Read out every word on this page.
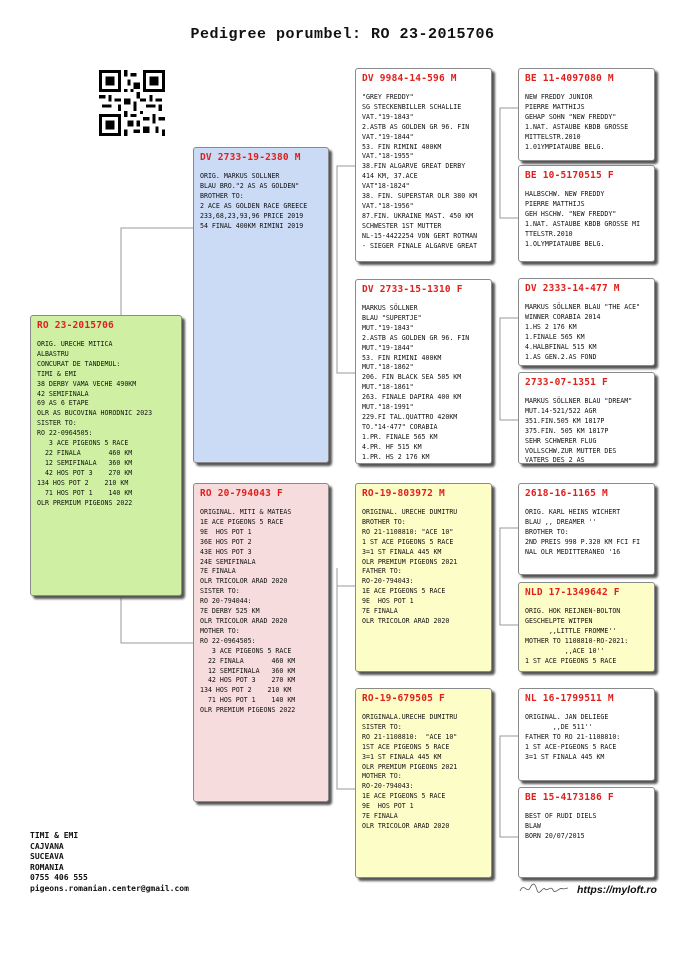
Pedigree porumbel: RO 23-2015706
RO 23-2015706
ORIG. URECHE MITICA
ALBASTRU
CONCURAT DE TANDEMUL:
TIMI & EMI
38 DERBY VAMA VECHE 490KM
42 SEMIFINALA
69 AS 6 ETAPE
OLR AS BUCOVINA HORODNIC 2023
SISTER TO:
RO 22-0964505:
3 ACE PIGEONS 5 RACE
22 FINALA       460 KM
12 SEMIFINALA   360 KM
42 HOS POT 3    270 KM
134 HOS POT 2    210 KM
71 HOS POT 1    140 KM
OLR PREMIUM PIGEONS 2022
DV 2733-19-2380 M
ORIG. MARKUS SOLLNER
BLAU BRO."2 AS AS GOLDEN"
BROTHER TO:
2 ACE AS GOLDEN RACE GREECE
233,68,23,93,96 PRICE 2019
54 FINAL 400KM RIMINI 2019
RO 20-794043 F
ORIGINAL. MITI & MATEAS
1E ACE PIGEONS 5 RACE
9E  HOS POT 1
36E HOS POT 2
43E HOS POT 3
24E SEMIFINALA
7E FINALA
OLR TRICOLOR ARAD 2020
SISTER TO:
RO 20-794044:
7E DERBY 525 KM
OLR TRICOLOR ARAD 2020
MOTHER TO:
RO 22-0964505:
3 ACE PIGEONS 5 RACE
22 FINALA       460 KM
12 SEMIFINALA   360 KM
42 HOS POT 3    270 KM
134 HOS POT 2    210 KM
71 HOS POT 1    140 KM
OLR PREMIUM PIGEONS 2022
DV 9984-14-596 M
"GREY FREDDY"
SG STECKENBILLER SCHALLIE
VAT."19-1843"
2.ASTB AS GOLDEN GR 96. FIN
VAT."19-1844"
53. FIN RIMINI 400KM
VAT."18-1955"
38.FIN ALGARVE GREAT DERBY
414 KM, 37.ACE
VAT"18-1824"
38. FIN. SUPERSTAR OLR 380 KM
VAT."18-1956"
87.FIN. UKRAINE MAST. 450 KM
SCHWESTER 1ST MUTTER
NL-15-4422254 VON GERT ROTMAN
- SIEGER FINALE ALGARVE GREAT
DV 2733-15-1310 F
MARKUS SÖLLNER
BLAU "SUPERTJE"
MUT."19-1843"
2.ASTB AS GOLDEN GR 96. FIN
MUT."19-1844"
53. FIN RIMINI 400KM
MUT."18-1862"
206. FIN BLACK SEA 505 KM
MUT."18-1861"
263. FINALE DAPIRA 400 KM
MUT."18-1991"
229.FI TAL.QUATTRO 420KM
TO."14-477" CORABIA
1.PR. FINALE 565 KM
4.PR. HF 515 KM
1.PR. HS 2 176 KM
RO-19-803972 M
ORIGINAL. URECHE DUMITRU
BROTHER TO:
RO 21-1108810: "ACE 10"
1 ST ACE PIGEONS 5 RACE
3=1 ST FINALA 445 KM
OLR PREMIUM PIGEONS 2021
FATHER TO:
RO-20-794043:
1E ACE PIGEONS 5 RACE
9E  HOS POT 1
7E FINALA
OLR TRICOLOR ARAD 2020
RO-19-679505 F
ORIGINALA.URECHE DUMITRU
SISTER TO:
RO 21-1108810:  "ACE 10"
1ST ACE PIGEONS 5 RACE
3=1 ST FINALA 445 KM
OLR PREMIUM PIGEONS 2021
MOTHER TO:
RO-20-794043:
1E ACE PIGEONS 5 RACE
9E  HOS POT 1
7E FINALA
OLR TRICOLOR ARAD 2020
BE 11-4097080 M
NEW FREDDY JUNIOR
PIERRE MATTHIJS
GEHAP SOHN "NEW FREDDY"
1.NAT. ASTAUBE KBDB GROSSE
MITTELSTR.2010
1.01YMPIATAUBE BELG.
BE 10-5170515 F
HALBSCHW. NEW FREDDY
PIERRE MATTHIJS
GEH HSCHW. "NEW FREDDY"
1.NAT. ASTAUBE KBDB GROSSE MI
TTELSTR.2010
1.OLYMPIATAUBE BELG.
DV 2333-14-477 M
MARKUS SÖLLNER BLAU "THE ACE"
WINNER CORABIA 2014
1.HS 2 176 KM
1.FINALE 565 KM
4.HALBFINAL 515 KM
1.AS GEN.2.AS FOND
2733-07-1351 F
MARKUS SÖLLNER BLAU "DREAM"
MUT.14-521/522 AGR
351.FIN.505 KM 1817P
375.FIN. 505 KM 1817P
SEHR SCHWERER FLUG
VOLLSCHW.ZUR MUTTER DES
VATERS DES 2 AS
2618-16-1165 M
ORIG. KARL HEINS WICHERT
BLAU ,, DREAMER ''
BROTHER TO:
2ND PREIS 998 P.320 KM FCI FI
NAL OLR MEDITTERANEO '16
NLD 17-1349642 F
ORIG. HOK REIJNEN-BOLTON
GESCHELPTE WITPEN
,,LITTLE FROMME''
MOTHER TO 1108810-RO-2021:
,,ACE 10''
1 ST ACE PIGEONS 5 RACE
NL 16-1799511 M
ORIGINAL. JAN DELIEGE
,,DE 511''
FATHER TO RO 21-1108810:
1 ST ACE-PIGEONS 5 RACE
3=1 ST FINALA 445 KM
BE 15-4173186 F
BEST OF RUDI DIELS
BLAW
BORN 20/07/2015
TIMI & EMI
CAJVANA
SUCEAVA
ROMANIA
0755 406 555
pigeons.romanian.center@gmail.com	https://myloft.ro
